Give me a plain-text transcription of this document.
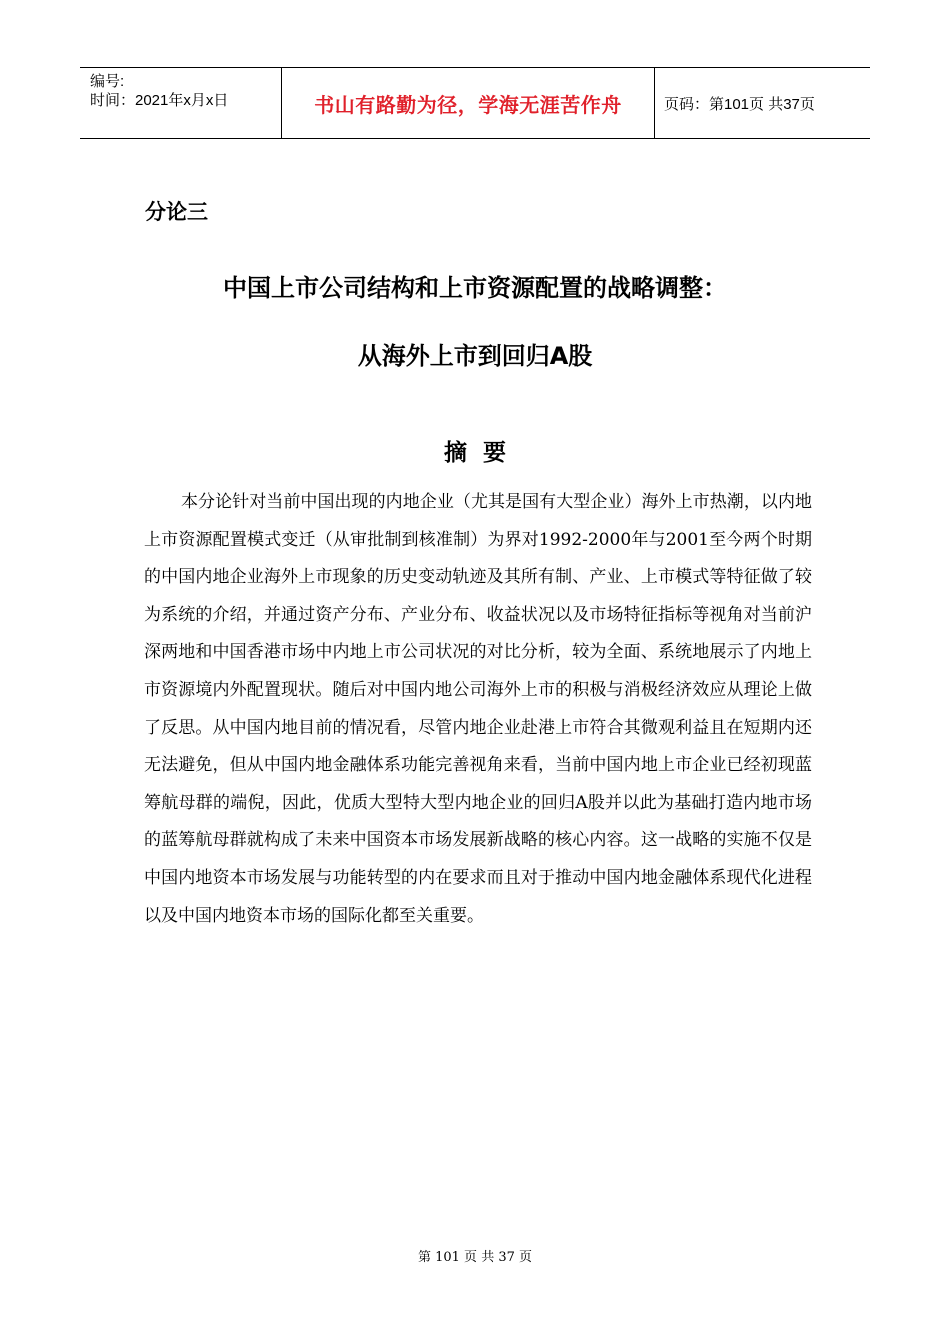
编号:
时间：2021年x月x日	书山有路勤为径，学海无涯苦作舟	页码：第101页 共37页
分论三
中国上市公司结构和上市资源配置的战略调整：
从海外上市到回归A股
摘  要

本分论针对当前中国出现的内地企业（尤其是国有大型企业）海外上市热潮，以内地上市资源配置模式变迁（从审批制到核准制）为界对1992-2000年与2001至今两个时期的中国内地企业海外上市现象的历史变动轨迹及其所有制、产业、上市模式等特征做了较为系统的介绍，并通过资产分布、产业分布、收益状况以及市场特征指标等视角对当前沪深两地和中国香港市场中内地上市公司状况的对比分析，较为全面、系统地展示了内地上市资源境内外配置现状。随后对中国内地公司海外上市的积极与消极经济效应从理论上做了反思。从中国内地目前的情况看，尽管内地企业赴港上市符合其微观利益且在短期内还无法避免，但从中国内地金融体系功能完善视角来看，当前中国内地上市企业已经初现蓝筹航母群的端倪，因此，优质大型特大型内地企业的回归A股并以此为基础打造内地市场的蓝筹航母群就构成了未来中国资本市场发展新战略的核心内容。这一战略的实施不仅是中国内地资本市场发展与功能转型的内在要求而且对于推动中国内地金融体系现代化进程以及中国内地资本市场的国际化都至关重要。

第 101 页 共 37 页
